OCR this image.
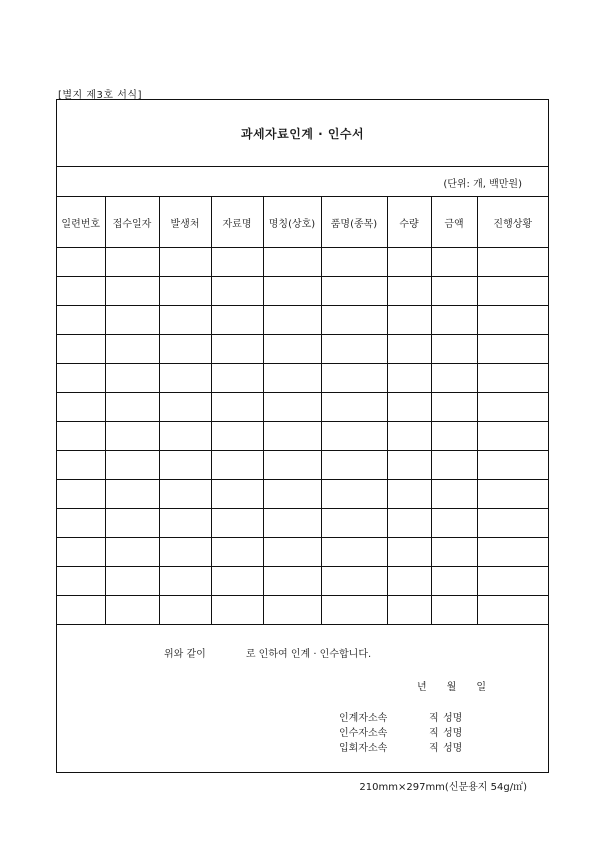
[별지 제3호 서식]
과세자료인계 · 인수서
(단위: 개, 백만원)
일련번호	접수일자	발생처	자료명	명칭(상호)	품명(종목)	수량	금액	진행상황

위와 같이	로 인하여 인계 · 인수합니다.
년 월 일
인계자소속	직 성명
인수자소속	직 성명
입회자소속	직 성명
210mm×297mm(신문용지 54g/㎡)
